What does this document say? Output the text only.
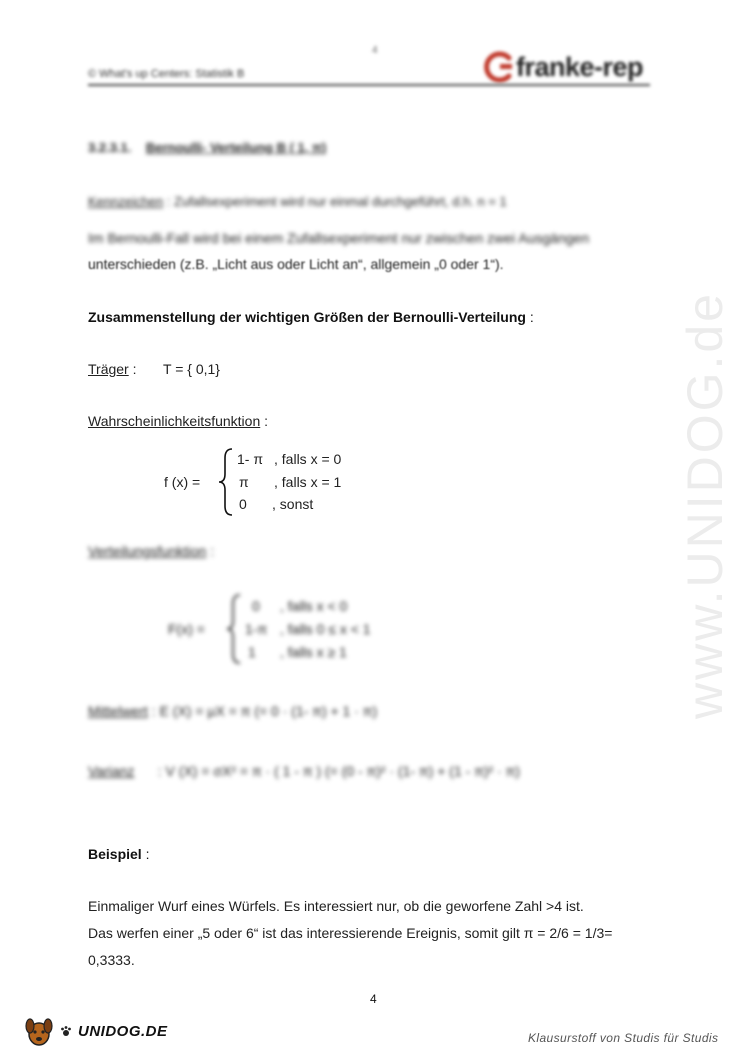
www.UNIDOG.de
4
© What's up Centers: Statistik B	franke-rep
3.2.3.1. Bernoulli- Verteilung B ( 1, π)
Kennzeichen : Zufallsexperiment wird nur einmal durchgeführt, d.h. n = 1
Im Bernoulli-Fall wird bei einem Zufallsexperiment nur zwischen zwei Ausgängen
unterschieden (z.B. „Licht aus oder Licht an“, allgemein „0 oder 1“).
Zusammenstellung der wichtigen Größen der Bernoulli-Verteilung :
Träger : T = { 0,1}
Wahrscheinlichkeitsfunktion :
f (x) =
1- π , falls x = 0
π , falls x = 1
0 , sonst
Verteilungsfunktion :
F(x) =
0 , falls x < 0
1-π , falls 0 ≤ x < 1
1 , falls x ≥ 1
Mittelwert : E (X) = μX = π (= 0 · (1- π) + 1 · π)
Varianz : V (X) = σX² = π · ( 1 - π ) (= (0 - π)² · (1- π) + (1 - π)² · π)
Beispiel :
Einmaliger Wurf eines Würfels. Es interessiert nur, ob die geworfene Zahl >4 ist.
Das werfen einer „5 oder 6“ ist das interessierende Ereignis, somit gilt π = 2/6 = 1/3=
0,3333.
4
UNIDOG.DE	Klausurstoff von Studis für Studis
